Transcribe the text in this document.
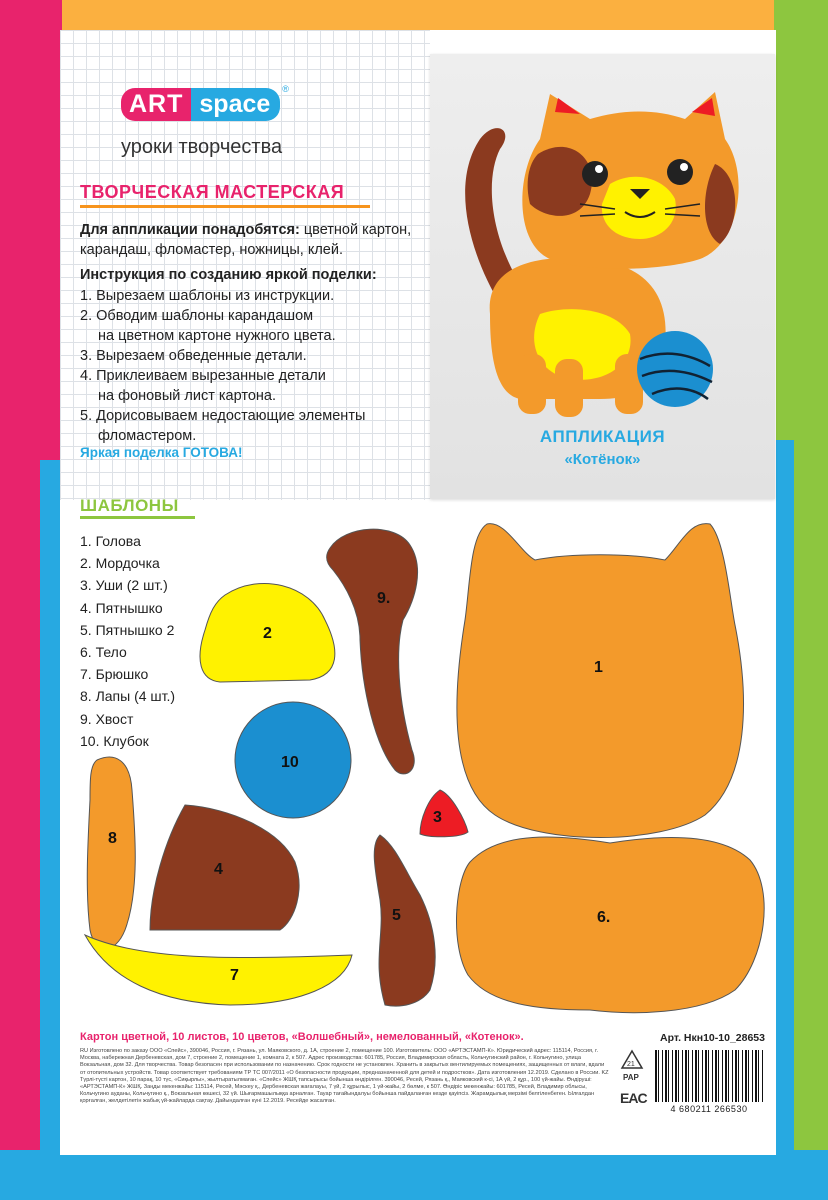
ART space
®
уроки творчества
ТВОРЧЕСКАЯ МАСТЕРСКАЯ
Для аппликации понадобятся: цветной картон, карандаш, фломастер, ножницы, клей.
Инструкция по созданию яркой поделки:
1. Вырезаем шаблоны из инструкции.
2. Обводим шаблоны карандашом
на цветном картоне нужного цвета.
3. Вырезаем обведенные детали.
4. Приклеиваем вырезанные детали
на фоновый лист картона.
5. Дорисовываем недостающие элементы
фломастером.
Яркая поделка ГОТОВА!
АППЛИКАЦИЯ
«Котёнок»
ШАБЛОНЫ
1. Голова
2. Мордочка
3. Уши (2 шт.)
4. Пятнышко
5. Пятнышко 2
6. Тело
7. Брюшко
8. Лапы (4 шт.)
9. Хвост
10. Клубок
1
2
9.
10
3
8
4
5	6.
7
Картон цветной, 10 листов, 10 цветов, «Волшебный», немелованный, «Котенок».	Арт. Нкн10-10_28653
RU Изготовлено по заказу ООО «Спейс», 390046, Россия, г. Рязань, ул. Маяковского, д. 1А, строение 2, помещение 100. Изготовитель: ООО «АРТЭСТАМП-К». Юридический адрес: 115114, Россия, г. Москва, набережная Дербеневская, дом 7, строение 2, помещение 1, комната 2, к 507. Адрес производства: 601785, Россия, Владимирская область, Кольчугинский район, г. Кольчугино, улица Вокзальная, дом 32. Для творчества. Товар безопасен при использовании по назначению. Срок годности не установлен. Хранить в закрытых вентилируемых помещениях, защищенных от влаги, вдали от отопительных устройств. Товар соответствует требованиям ТР ТС 007/2011 «О безопасности продукции, предназначенной для детей и подростков». Дата изготовления 12.2019. Сделано в России. KZ Түрлі-түсті картон, 10 парақ, 10 түс, «Сиқырлы», жылтыратылмаған. «Спейс» ЖШҚ тапсырысы бойынша өндірілген. 390046, Ресей, Рязань қ., Маяковский к-сі, 1А үй, 2 құр., 100 үй-жайы. Өндіруші: «АРТЭСТАМП-К» ЖШҚ. Заңды мекенжайы: 115114, Ресей, Мәскеу қ., Дербеневская жағалауы, 7 үй, 2 құрылыс, 1 үй-жайы, 2 бөлме, к 507. Өндіріс мекенжайы: 601785, Ресей, Владимир облысы, Кольчугино ауданы, Кольчугино қ., Вокзальная көшесі, 32 үй. Шығармашылыққа арналған. Тауар тағайындалуы бойынша пайдаланған кезде қауіпсіз. Жарамдылық мерзімі белгіленбеген. Ылғалдан қорғалған, желдетілетін жабық үй-жайларда сақтау. Дайындалған күні 12.2019. Ресейде жасалған.
21
PAP
EAC
4 680211 266530
